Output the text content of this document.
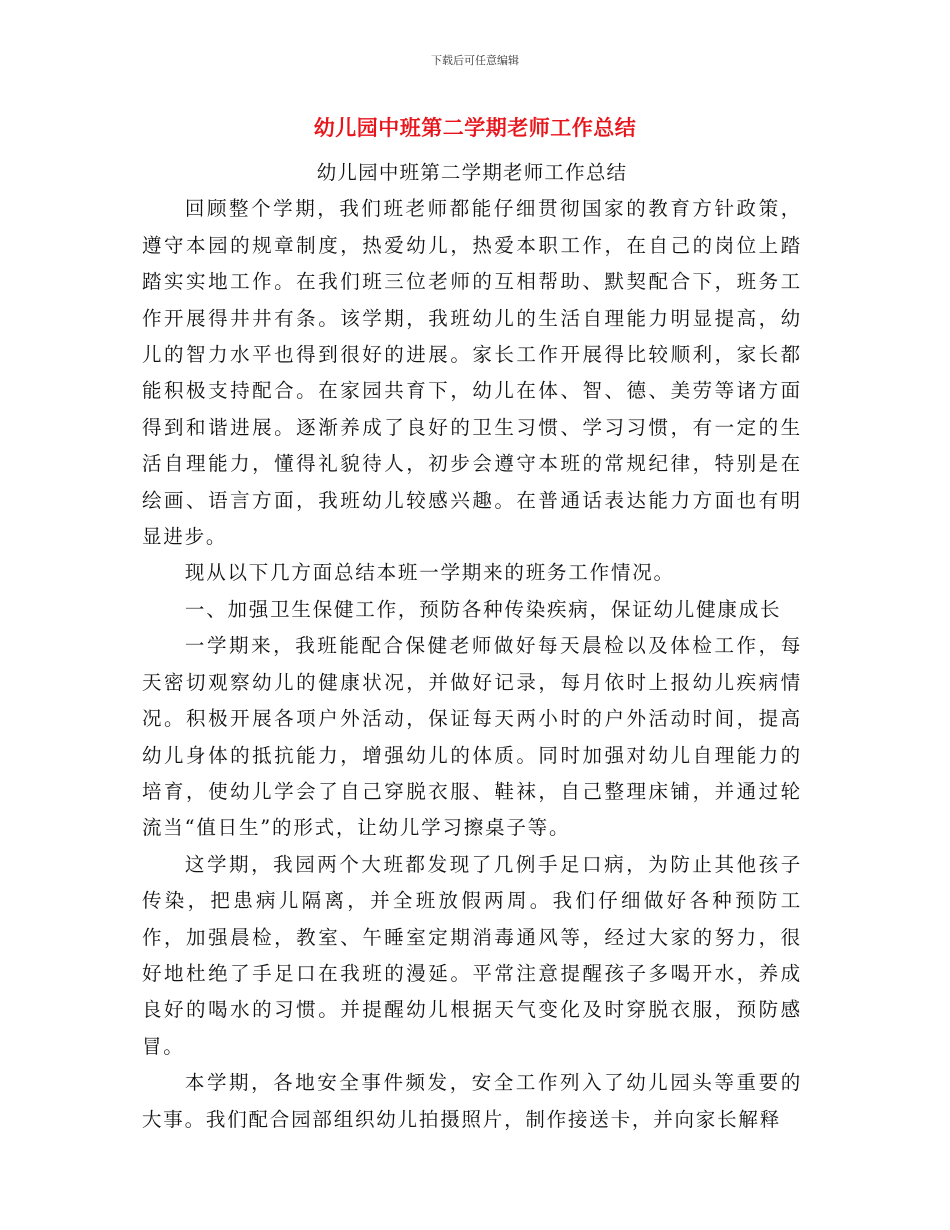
下载后可任意编辑

幼儿园中班第二学期老师工作总结

幼儿园中班第二学期老师工作总结

回顾整个学期，我们班老师都能仔细贯彻国家的教育方针政策，遵守本园的规章制度，热爱幼儿，热爱本职工作，在自己的岗位上踏踏实实地工作。在我们班三位老师的互相帮助、默契配合下，班务工作开展得井井有条。该学期，我班幼儿的生活自理能力明显提高，幼儿的智力水平也得到很好的进展。家长工作开展得比较顺利，家长都能积极支持配合。在家园共育下，幼儿在体、智、德、美劳等诸方面得到和谐进展。逐渐养成了良好的卫生习惯、学习习惯，有一定的生活自理能力，懂得礼貌待人，初步会遵守本班的常规纪律，特别是在绘画、语言方面，我班幼儿较感兴趣。在普通话表达能力方面也有明显进步。

现从以下几方面总结本班一学期来的班务工作情况。

一、加强卫生保健工作，预防各种传染疾病，保证幼儿健康成长

一学期来，我班能配合保健老师做好每天晨检以及体检工作，每天密切观察幼儿的健康状况，并做好记录，每月依时上报幼儿疾病情况。积极开展各项户外活动，保证每天两小时的户外活动时间，提高幼儿身体的抵抗能力，增强幼儿的体质。同时加强对幼儿自理能力的培育，使幼儿学会了自己穿脱衣服、鞋袜，自己整理床铺，并通过轮流当“值日生”的形式，让幼儿学习擦桌子等。

这学期，我园两个大班都发现了几例手足口病，为防止其他孩子传染，把患病儿隔离，并全班放假两周。我们仔细做好各种预防工作，加强晨检，教室、午睡室定期消毒通风等，经过大家的努力，很好地杜绝了手足口在我班的漫延。平常注意提醒孩子多喝开水，养成良好的喝水的习惯。并提醒幼儿根据天气变化及时穿脱衣服，预防感冒。

本学期，各地安全事件频发，安全工作列入了幼儿园头等重要的大事。我们配合园部组织幼儿拍摄照片，制作接送卡，并向家长解释
